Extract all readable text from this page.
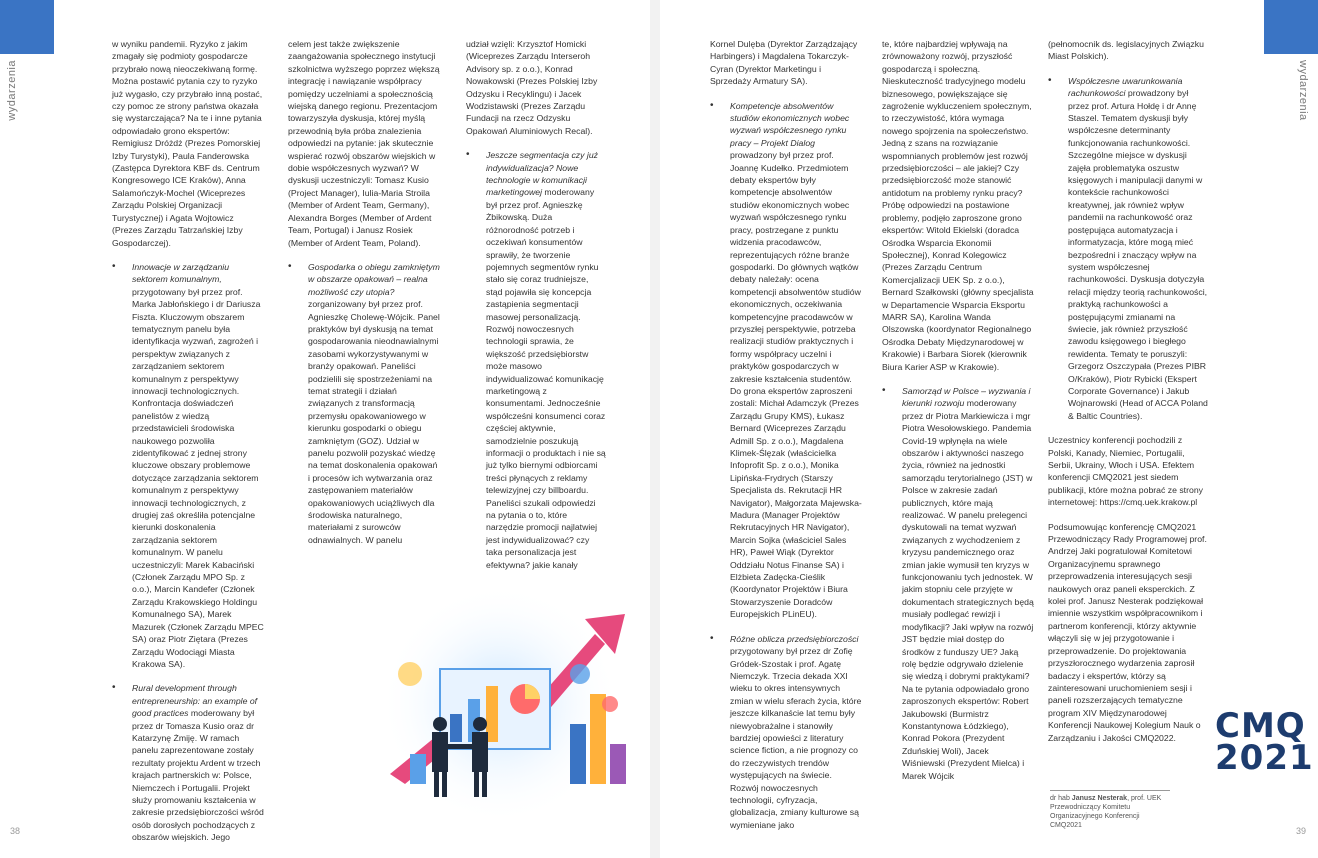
wydarzenia	wydarzenia

w wyniku pandemii. Ryzyko z jakim zmagały się podmioty gospodarcze przybrało nową nieoczekiwaną formę. Można postawić pytania czy to ryzyko już wygasło, czy przybrało inną postać, czy pomoc ze strony państwa okazała się wystarczająca? Na te i inne pytania odpowiadało grono ekspertów: Remigiusz Dróżdż (Prezes Pomorskiej Izby Turystyki), Paula Fanderowska (Zastępca Dyrektora KBF ds. Centrum Kongresowego ICE Kraków), Anna Salamończyk-Mochel (Wiceprezes Zarządu Polskiej Organizacji Turystycznej) i Agata Wojtowicz (Prezes Zarządu Tatrzańskiej Izby Gospodarczej).

• Innowacje w zarządzaniu sektorem komunalnym, przygotowany był przez prof. Marka Jabłońskiego i dr Dariusza Fiszta. Kluczowym obszarem tematycznym panelu była identyfikacja wyzwań, zagrożeń i perspektyw związanych z zarządzaniem sektorem komunalnym z perspektywy innowacji technologicznych. Konfrontacja doświadczeń panelistów z wiedzą przedstawicieli środowiska naukowego pozwoliła zidentyfikować z jednej strony kluczowe obszary problemowe dotyczące zarządzania sektorem komunalnym z perspektywy innowacji technologicznych, z drugiej zaś określiła potencjalne kierunki doskonalenia zarządzania sektorem komunalnym. W panelu uczestniczyli: Marek Kabaciński (Członek Zarządu MPO Sp. z o.o.), Marcin Kandefer (Członek Zarządu Krakowskiego Holdingu Komunalnego SA), Marek Mazurek (Członek Zarządu MPEC SA) oraz Piotr Ziętara (Prezes Zarządu Wodociągi Miasta Krakowa SA).
• Rural development through entrepreneurship: an example of good practices moderowany był przez dr Tomasza Kusio oraz dr Katarzynę Żmiję. W ramach panelu zaprezentowane zostały rezultaty projektu Ardent w trzech krajach partnerskich w: Polsce, Niemczech i Portugalii. Projekt służy promowaniu kształcenia w zakresie przedsiębiorczości wśród osób dorosłych pochodzących z obszarów wiejskich. Jego

celem jest także zwiększenie zaangażowania społecznego instytucji szkolnictwa wyższego poprzez większą integrację i nawiązanie współpracy pomiędzy uczelniami a społecznością wiejską danego regionu. Prezentacjom towarzyszyła dyskusja, której myślą przewodnią była próba znalezienia odpowiedzi na pytanie: jak skutecznie wspierać rozwój obszarów wiejskich w dobie współczesnych wyzwań? W dyskusji uczestniczyli: Tomasz Kusio (Project Manager), Iulia-Maria Stroila (Member of Ardent Team, Germany), Alexandra Borges (Member of Ardent Team, Portugal) i Janusz Rosiek (Member of Ardent Team, Poland).

• Gospodarka o obiegu zamkniętym w obszarze opakowań – realna możliwość czy utopia? zorganizowany był przez prof. Agnieszkę Cholewę-Wójcik. Panel praktyków był dyskusją na temat gospodarowania nieodnawialnymi zasobami wykorzystywanymi w branży opakowań. Paneliści podzielili się spostrzeżeniami na temat strategii i działań związanych z transformacją przemysłu opakowaniowego w kierunku gospodarki o obiegu zamkniętym (GOZ). Udział w panelu pozwolił pozyskać wiedzę na temat doskonalenia opakowań i procesów ich wytwarzania oraz zastępowaniem materiałów opakowaniowych uciążliwych dla środowiska naturalnego, materiałami z surowców odnawialnych. W panelu

udział wzięli: Krzysztof Homicki (Wiceprezes Zarządu Interseroh Advisory sp. z o.o.), Konrad Nowakowski (Prezes Polskiej Izby Odzysku i Recyklingu) i Jacek Wodzistawski (Prezes Zarządu Fundacji na rzecz Odzysku Opakowań Aluminiowych Recal).

• Jeszcze segmentacja czy już indywidualizacja? Nowe technologie w komunikacji marketingowej moderowany był przez prof. Agnieszkę Żbikowską. Duża różnorodność potrzeb i oczekiwań konsumentów sprawiły, że tworzenie pojemnych segmentów rynku stało się coraz trudniejsze, stąd pojawiła się koncepcja zastąpienia segmentacji masowej personalizacją. Rozwój nowoczesnych technologii sprawia, że większość przedsiębiorstw może masowo indywidualizować komunikację marketingową z konsumentami. Jednocześnie współcześni konsumenci coraz częściej aktywnie, samodzielnie poszukują informacji o produktach i nie są już tylko biernymi odbiorcami treści płynących z reklamy telewizyjnej czy billboardu. Paneliści szukali odpowiedzi na pytania o to, które narzędzie promocji najlatwiej jest indywidualizować? czy taka personalizacja jest efektywna? jakie kanały

Kornel Dulęba (Dyrektor Zarządzający Harbingers) i Magdalena Tokarczyk-Cyran (Dyrektor Marketingu i Sprzedaży Armatury SA).

• Kompetencje absolwentów studiów ekonomicznych wobec wyzwań współczesnego rynku pracy – Projekt Dialog prowadzony był przez prof. Joannę Kudełko. Przedmiotem debaty ekspertów były kompetencje absolwentów studiów ekonomicznych wobec wyzwań współczesnego rynku pracy, postrzegane z punktu widzenia pracodawców, reprezentujących różne branże gospodarki. Do głównych wątków debaty należały: ocena kompetencji absolwentów studiów ekonomicznych, oczekiwania kompetencyjne pracodawców w przyszłej perspektywie, potrzeba realizacji studiów praktycznych i formy współpracy uczelni i praktyków gospodarczych w zakresie kształcenia studentów. Do grona ekspertów zaproszeni zostali: Michał Adamczyk (Prezes Zarządu Grupy KMS), Łukasz Bernard (Wiceprezes Zarządu Admill Sp. z o.o.), Magdalena Klimek-Ślęzak (właścicielka Infoprofit Sp. z o.o.), Monika Lipińska-Frydrych (Starszy Specjalista ds. Rekrutacji HR Navigator), Małgorzata Majewska-Madura (Manager Projektów Rekrutacyjnych HR Navigator), Marcin Sojka (właściciel Sales HR), Paweł Wiąk (Dyrektor Oddziału Notus Finanse SA) i Elżbieta Zadęcka-Cieślik (Koordynator Projektów i Biura Stowarzyszenie Doradców Europejskich PLinEU).
• Różne oblicza przedsiębiorczości przygotowany był przez dr Zofię Gródek-Szostak i prof. Agatę Niemczyk. Trzecia dekada XXI wieku to okres intensywnych zmian w wielu sferach życia, które jeszcze kilkanaście lat temu były niewyobrażalne i stanowiły bardziej opowieści z literatury science fiction, a nie prognozy co do rzeczywistych trendów występujących na świecie. Rozwój nowoczesnych technologii, cyfryzacja, globalizacja, zmiany kulturowe są wymieniane jako

te, które najbardziej wpływają na zrównoważony rozwój, przyszłość gospodarczą i społeczną. Nieskuteczność tradycyjnego modelu biznesowego, powiększające się zagrożenie wykluczeniem społecznym, to rzeczywistość, która wymaga nowego spojrzenia na społeczeństwo. Jedną z szans na rozwiązanie wspomnianych problemów jest rozwój przedsiębiorczości – ale jakiej? Czy przedsiębiorczość może stanowić antidotum na problemy rynku pracy? Próbę odpowiedzi na postawione problemy, podjęło zaproszone grono ekspertów: Witold Ekielski (doradca Ośrodka Wsparcia Ekonomii Społecznej), Konrad Kolegowicz (Prezes Zarządu Centrum Komercjalizacji UEK Sp. z o.o.), Bernard Szałkowski (główny specjalista w Departamencie Wsparcia Eksportu MARR SA), Karolina Wanda Olszowska (koordynator Regionalnego Ośrodka Debaty Międzynarodowej w Krakowie) i Barbara Siorek (kierownik Biura Karier ASP w Krakowie).

• Samorząd w Polsce – wyzwania i kierunki rozwoju moderowany przez dr Piotra Markiewicza i mgr Piotra Wesołowskiego. Pandemia Covid-19 wpłynęła na wiele obszarów i aktywności naszego życia, również na jednostki samorządu terytorialnego (JST) w Polsce w zakresie zadań publicznych, które mają realizować. W panelu prelegenci dyskutowali na temat wyzwań związanych z wychodzeniem z kryzysu pandemicznego oraz zmian jakie wymusił ten kryzys w funkcjonowaniu tych jednostek. W jakim stopniu cele przyjęte w dokumentach strategicznych będą musiały podlegać rewizji i modyfikacji? Jaki wpływ na rozwój JST będzie miał dostęp do środków z funduszy UE? Jaką rolę będzie odgrywało dzielenie się wiedzą i dobrymi praktykami? Na te pytania odpowiadało grono zaproszonych ekspertów: Robert Jakubowski (Burmistrz Konstantynowa Łódzkiego), Konrad Pokora (Prezydent Zduńskiej Woli), Jacek Wiśniewski (Prezydent Mielca) i Marek Wójcik

(pełnomocnik ds. legislacyjnych Związku Miast Polskich).

• Współczesne uwarunkowania rachunkowości prowadzony był przez prof. Artura Hołdę i dr Annę Staszel. Tematem dyskusji były współczesne determinanty funkcjonowania rachunkowości. Szczególne miejsce w dyskusji zajęła problematyka oszustw księgowych i manipulacji danymi w kontekście rachunkowości kreatywnej, jak również wpływ pandemii na rachunkowość oraz postępująca automatyzacja i informatyzacja, które mogą mieć bezpośredni i znaczący wpływ na system współczesnej rachunkowości. Dyskusja dotyczyła relacji między teorią rachunkowości, praktyką rachunkowości a postępującymi zmianami na świecie, jak również przyszłość zawodu księgowego i biegłego rewidenta. Tematy te poruszyli: Grzegorz Oszczypała (Prezes PIBR O/Kraków), Piotr Rybicki (Ekspert Corporate Governance) i Jakub Wojnarowski (Head of ACCA Poland & Baltic Countries).

Uczestnicy konferencji pochodzili z Polski, Kanady, Niemiec, Portugalii, Serbii, Ukrainy, Włoch i USA. Efektem konferencji CMQ2021 jest siedem publikacji, które można pobrać ze strony internetowej: https://cmq.uek.krakow.pl

Podsumowując konferencję CMQ2021 Przewodniczący Rady Programowej prof. Andrzej Jaki pogratulował Komitetowi Organizacyjnemu sprawnego przeprowadzenia interesujących sesji naukowych oraz paneli eksperckich. Z kolei prof. Janusz Nesterak podziękował imiennie wszystkim współpracownikom i partnerom konferencji, którzy aktywnie włączyli się w jej przygotowanie i przeprowadzenie. Do projektowania przyszłorocznego wydarzenia zaprosił badaczy i ekspertów, którzy są zainteresowani uruchomieniem sesji i paneli rozszerzających tematyczne program XIV Międzynarodowej Konferencji Naukowej Kolegium Nauk o Zarządzaniu i Jakości CMQ2022.

dr hab Janusz Nesterak, prof. UEK Przewodniczący Komitetu Organizacyjnego Konferencji CMQ2021
CMQ
2021
38	39
